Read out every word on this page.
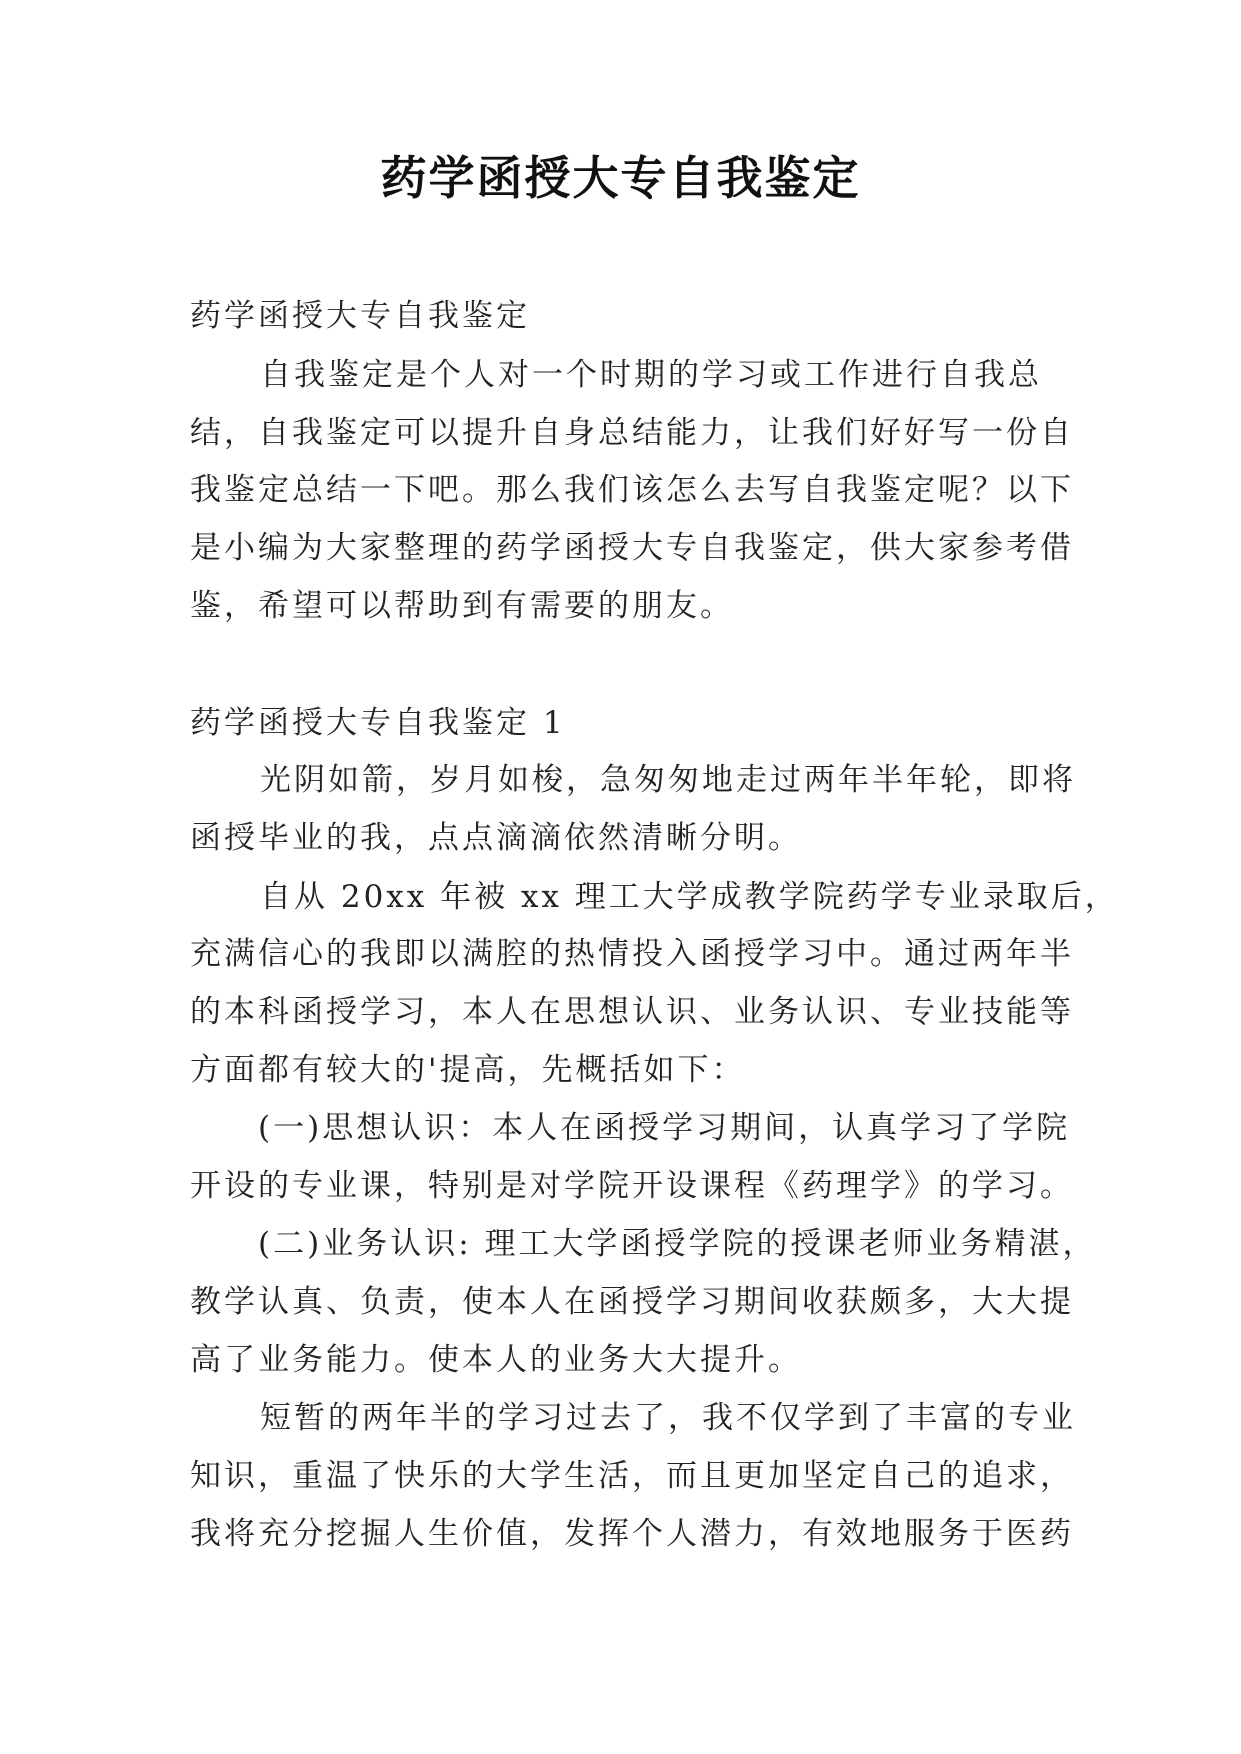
药学函授大专自我鉴定
药学函授大专自我鉴定
自我鉴定是个人对一个时期的学习或工作进行自我总
结，自我鉴定可以提升自身总结能力，让我们好好写一份自
我鉴定总结一下吧。那么我们该怎么去写自我鉴定呢？以下
是小编为大家整理的药学函授大专自我鉴定，供大家参考借
鉴，希望可以帮助到有需要的朋友。
药学函授大专自我鉴定 1
光阴如箭，岁月如梭，急匆匆地走过两年半年轮，即将
函授毕业的我，点点滴滴依然清晰分明。
自从 20xx 年被 xx 理工大学成教学院药学专业录取后，
充满信心的我即以满腔的热情投入函授学习中。通过两年半
的本科函授学习，本人在思想认识、业务认识、专业技能等
方面都有较大的'提高，先概括如下：
(一)思想认识：本人在函授学习期间，认真学习了学院
开设的专业课，特别是对学院开设课程《药理学》的学习。
(二)业务认识: 理工大学函授学院的授课老师业务精湛，
教学认真、负责，使本人在函授学习期间收获颇多，大大提
高了业务能力。使本人的业务大大提升。
短暂的两年半的学习过去了，我不仅学到了丰富的专业
知识，重温了快乐的大学生活，而且更加坚定自己的追求，
我将充分挖掘人生价值，发挥个人潜力，有效地服务于医药
